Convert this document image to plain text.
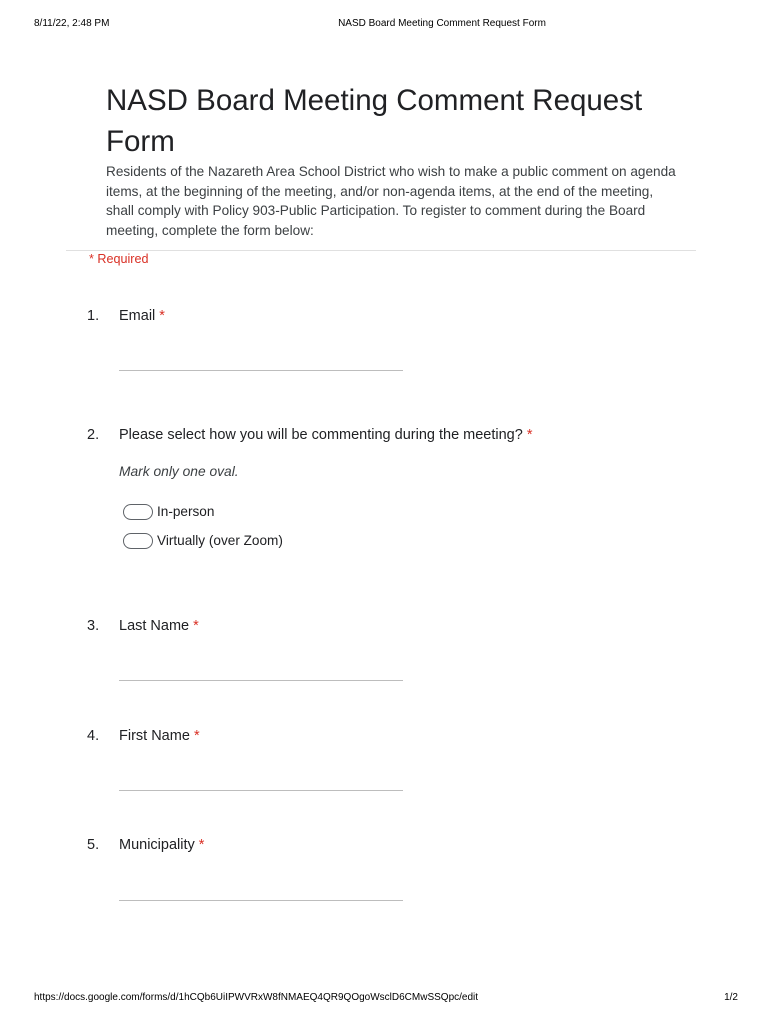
8/11/22, 2:48 PM	NASD Board Meeting Comment Request Form
NASD Board Meeting Comment Request Form
Residents of the Nazareth Area School District who wish to make a public comment on agenda items, at the beginning of the meeting, and/or non-agenda items, at the end of the meeting, shall comply with Policy 903-Public Participation. To register to comment during the Board meeting, complete the form below:
* Required
1. Email *
2. Please select how you will be commenting during the meeting? *
Mark only one oval.
In-person
Virtually (over Zoom)
3. Last Name *
4. First Name *
5. Municipality *
https://docs.google.com/forms/d/1hCQb6UiIPWVRxW8fNMAEQ4QR9QOgoWsclD6CMwSSQpc/edit	1/2
